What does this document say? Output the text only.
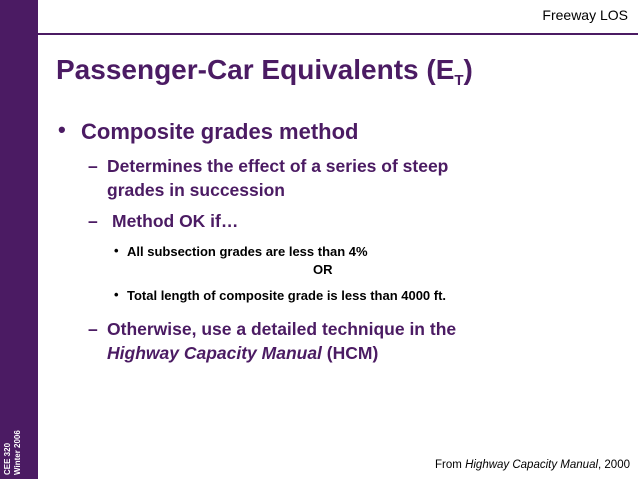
CEE 320 Winter 2006
Freeway LOS
Passenger-Car Equivalents $(E_T)$
• Composite grades method
– Determines the effect of a series of steep
grades in succession
– Method OK if…
• All subsection grades are less than 4%
OR
• Total length of composite grade is less than 4000 ft.
– Otherwise, use a detailed technique in the
Highway Capacity Manual (HCM)
From Highway Capacity Manual, 2000
